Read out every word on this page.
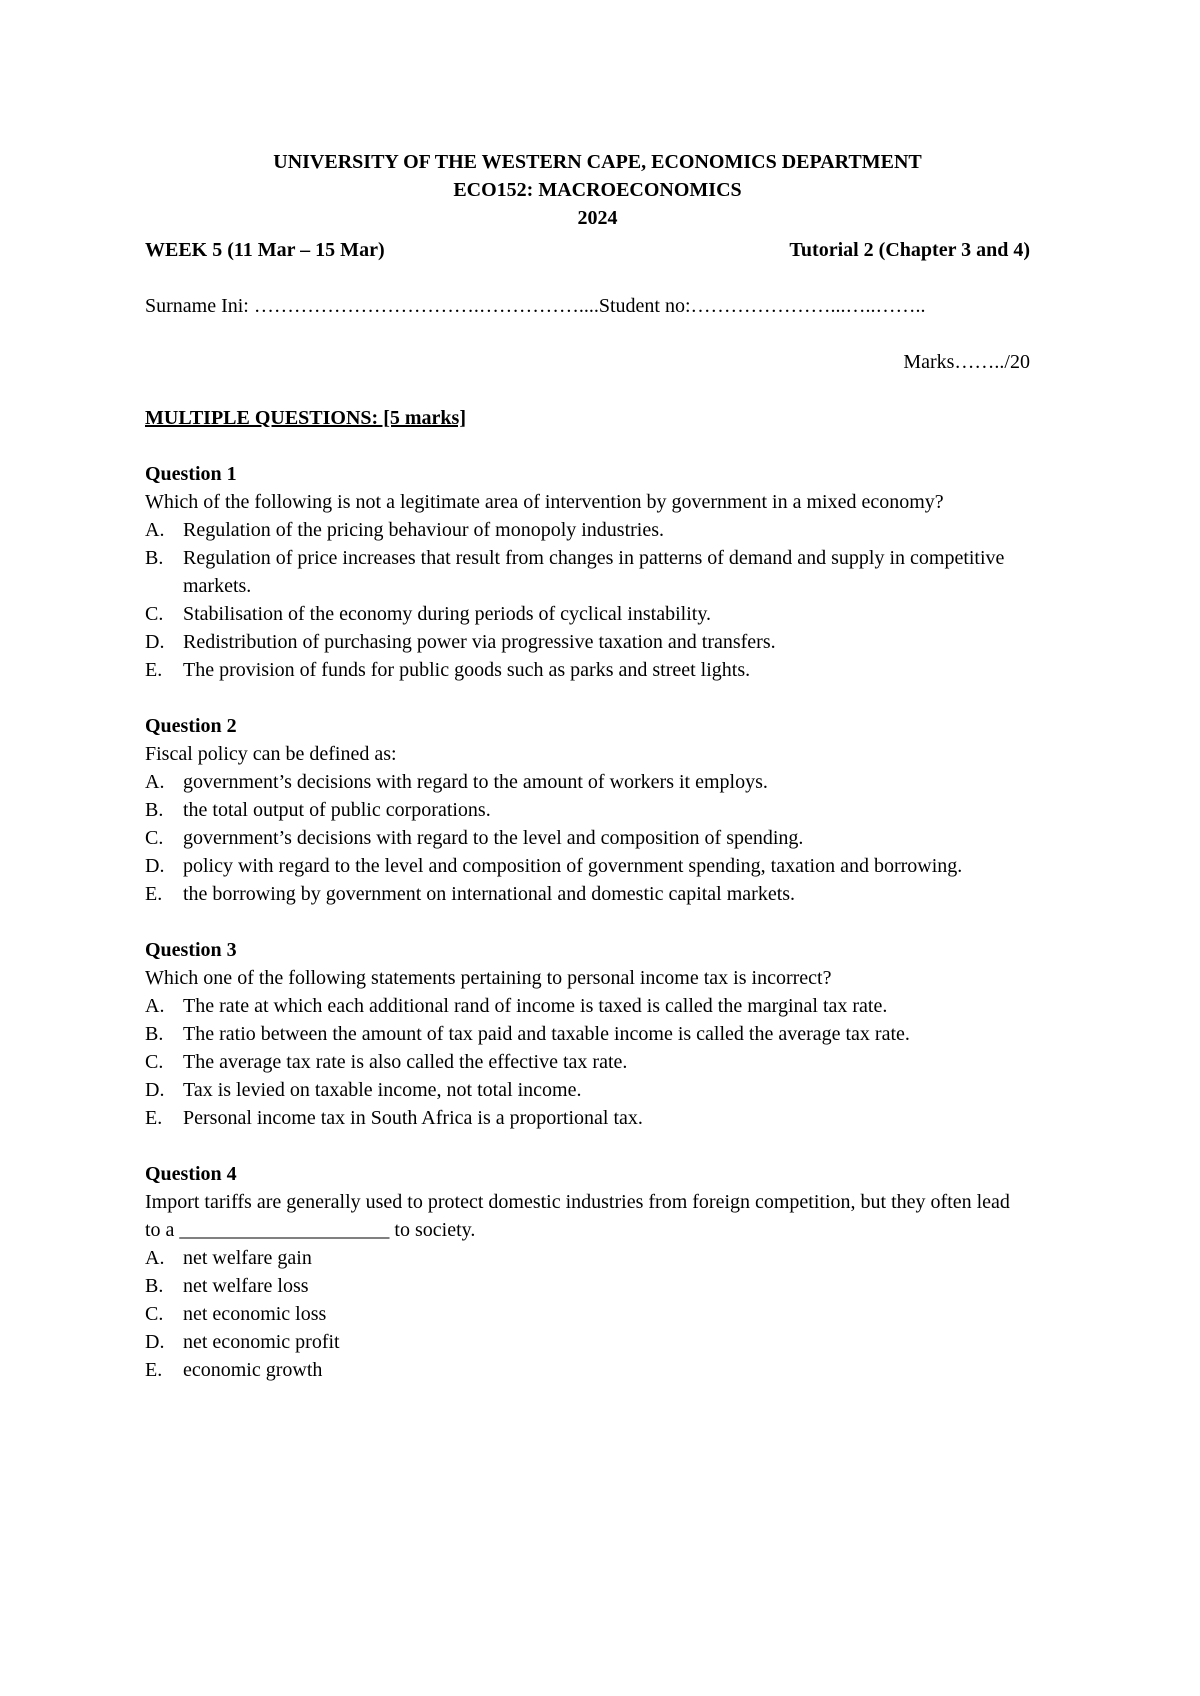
UNIVERSITY OF THE WESTERN CAPE, ECONOMICS DEPARTMENT
ECO152: MACROECONOMICS
2024
WEEK 5 (11 Mar – 15 Mar)	Tutorial 2 (Chapter 3 and 4)
Surname Ini: …………………………….……………....Student no:…………………...…..……..
Marks……../20
MULTIPLE QUESTIONS: [5 marks]
Question 1
Which of the following is not a legitimate area of intervention by government in a mixed economy?
A. Regulation of the pricing behaviour of monopoly industries.
B. Regulation of price increases that result from changes in patterns of demand and supply in competitive markets.
C. Stabilisation of the economy during periods of cyclical instability.
D. Redistribution of purchasing power via progressive taxation and transfers.
E.	The provision of funds for public goods such as parks and street lights.
Question 2
Fiscal policy can be defined as:
A. government’s decisions with regard to the amount of workers it employs.
B. the total output of public corporations.
C. government’s decisions with regard to the level and composition of spending.
D. policy with regard to the level and composition of government spending, taxation and borrowing.
E.	the borrowing by government on international and domestic capital markets.
Question 3
Which one of the following statements pertaining to personal income tax is incorrect?
A. The rate at which each additional rand of income is taxed is called the marginal tax rate.
B. The ratio between the amount of tax paid and taxable income is called the average tax rate.
C. The average tax rate is also called the effective tax rate.
D. Tax is levied on taxable income, not total income.
E.	Personal income tax in South Africa is a proportional tax.
Question 4
Import tariffs are generally used to protect domestic industries from foreign competition, but they often lead to a _____________________ to society.
A. net welfare gain
B. net welfare loss
C. net economic loss
D. net economic profit
E.	economic growth
